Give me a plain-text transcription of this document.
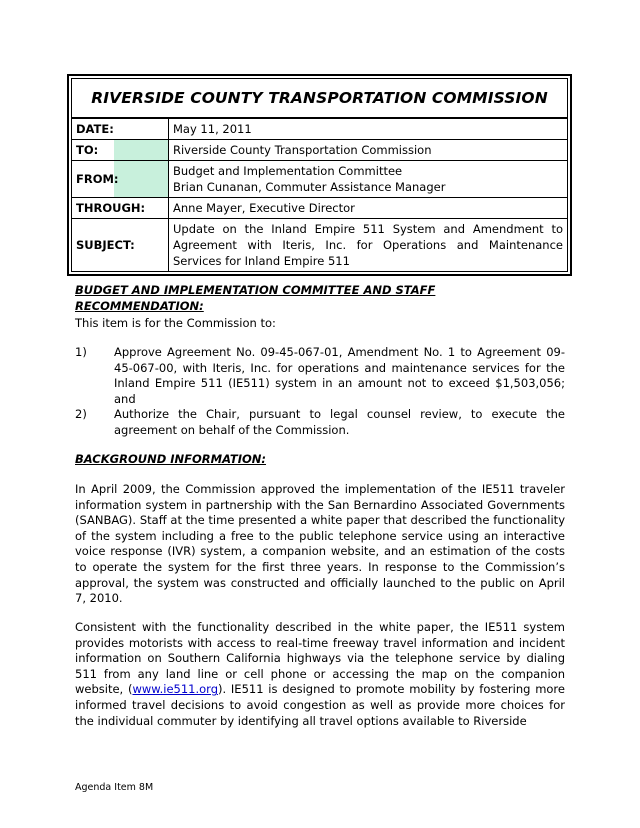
RIVERSIDE COUNTY TRANSPORTATION COMMISSION
DATE:	May 11, 2011
TO:	Riverside County Transportation Commission
FROM:	Budget and Implementation Committee
Brian Cunanan, Commuter Assistance Manager

THROUGH:	Anne Mayer, Executive Director
SUBJECT:	Update on the Inland Empire 511 System and Amendment to Agreement with Iteris, Inc. for Operations and Maintenance Services for Inland Empire 511
BUDGET AND IMPLEMENTATION COMMITTEE AND STAFF RECOMMENDATION:

This item is for the Commission to:

1)	Approve Agreement No. 09-45-067-01, Amendment No. 1 to Agreement 09-45-067-00, with Iteris, Inc. for operations and maintenance services for the Inland Empire 511 (IE511) system in an amount not to exceed $1,503,056; and
2)	Authorize the Chair, pursuant to legal counsel review, to execute the agreement on behalf of the Commission.
BACKGROUND INFORMATION:

In April 2009, the Commission approved the implementation of the IE511 traveler information system in partnership with the San Bernardino Associated Governments (SANBAG). Staff at the time presented a white paper that described the functionality of the system including a free to the public telephone service using an interactive voice response (IVR) system, a companion website, and an estimation of the costs to operate the system for the first three years. In response to the Commission’s approval, the system was constructed and officially launched to the public on April 7, 2010.

Consistent with the functionality described in the white paper, the IE511 system provides motorists with access to real-time freeway travel information and incident information on Southern California highways via the telephone service by dialing 511 from any land line or cell phone or accessing the map on the companion website, (www.ie511.org). IE511 is designed to promote mobility by fostering more informed travel decisions to avoid congestion as well as provide more choices for the individual commuter by identifying all travel options available to Riverside

Agenda Item 8M
